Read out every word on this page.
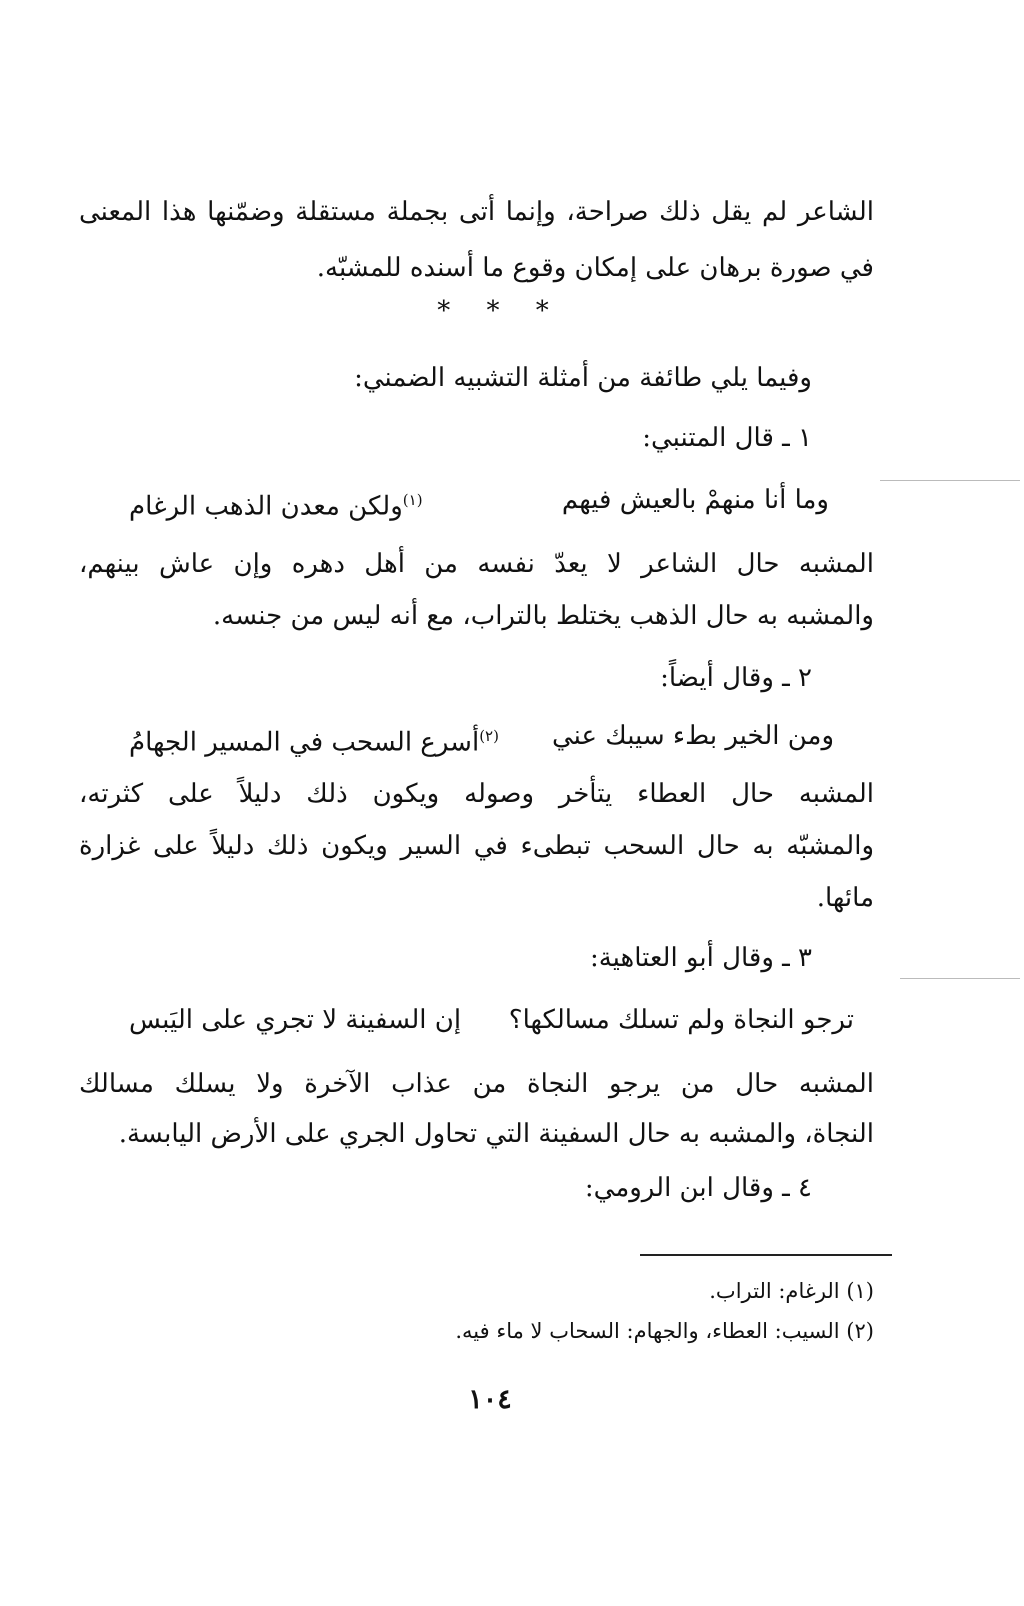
الشاعر لم يقل ذلك صراحة، وإنما أتى بجملة مستقلة وضمّنها هذا المعنى
في صورة برهان على إمكان وقوع ما أسنده للمشبّه.
* * *
وفيما يلي طائفة من أمثلة التشبيه الضمني:
١ ـ قال المتنبي:
وما أنا منهمْ بالعيش فيهم
$^{(١)}$ولكن معدن الذهب الرغام
المشبه حال الشاعر لا يعدّ نفسه من أهل دهره وإن عاش بينهم،
والمشبه به حال الذهب يختلط بالتراب، مع أنه ليس من جنسه.
٢ ـ وقال أيضاً:
ومن الخير بطء سيبك عني
$^{(٢)}$أسرع السحب في المسير الجهامُ
المشبه حال العطاء يتأخر وصوله ويكون ذلك دليلاً على كثرته،
والمشبّه به حال السحب تبطىء في السير ويكون ذلك دليلاً على غزارة
مائها.
٣ ـ وقال أبو العتاهية:
ترجو النجاة ولم تسلك مسالكها؟
إن السفينة لا تجري على اليَبس
المشبه حال من يرجو النجاة من عذاب الآخرة ولا يسلك مسالك
النجاة، والمشبه به حال السفينة التي تحاول الجري على الأرض اليابسة.
٤ ـ وقال ابن الرومي:
(١) الرغام: التراب.
(٢) السيب: العطاء، والجهام: السحاب لا ماء فيه.
١٠٤
